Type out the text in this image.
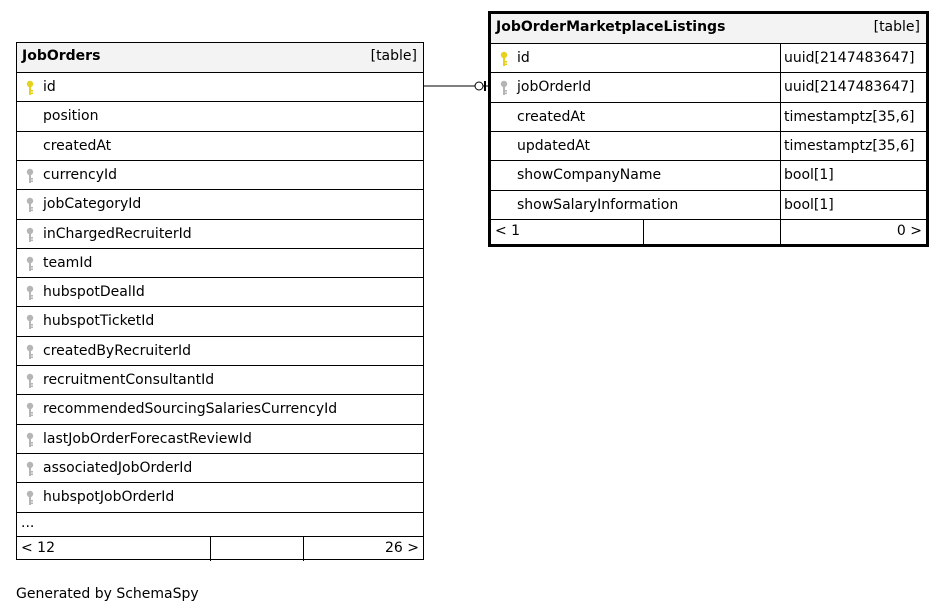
JobOrders	[table]
id
position
createdAt
currencyId
jobCategoryId
inChargedRecruiterId
teamId
hubspotDealId
hubspotTicketId
createdByRecruiterId
recruitmentConsultantId
recommendedSourcingSalariesCurrencyId
lastJobOrderForecastReviewId
associatedJobOrderId
hubspotJobOrderId
...
< 12	26 >
JobOrderMarketplaceListings	[table]
id	uuid[2147483647]
jobOrderId	uuid[2147483647]
createdAt	timestamptz[35,6]
updatedAt	timestamptz[35,6]
showCompanyName	bool[1]
showSalaryInformation	bool[1]
< 1	0 >
Generated by SchemaSpy
